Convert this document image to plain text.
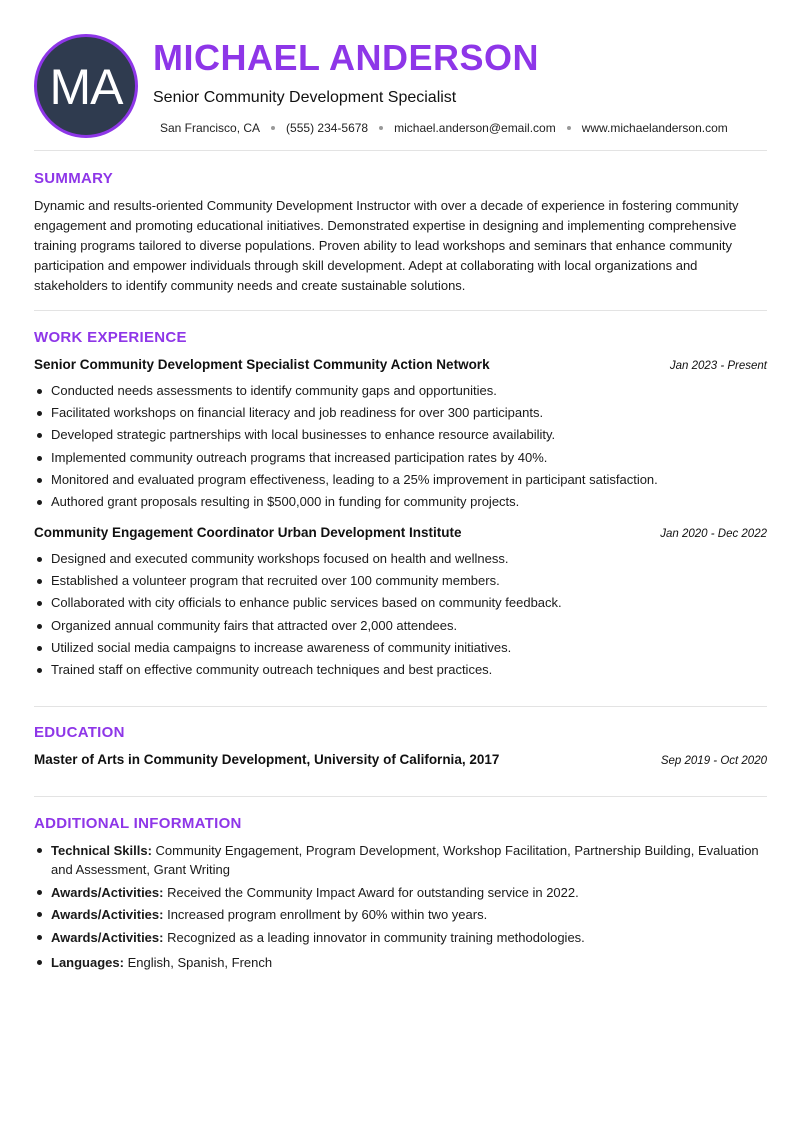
MA
MICHAEL ANDERSON
Senior Community Development Specialist
San Francisco, CA (555) 234-5678 michael.anderson@email.com www.michaelanderson.com
SUMMARY

Dynamic and results-oriented Community Development Instructor with over a decade of experience in fostering community engagement and promoting educational initiatives. Demonstrated expertise in designing and implementing comprehensive training programs tailored to diverse populations. Proven ability to lead workshops and seminars that enhance community participation and empower individuals through skill development. Adept at collaborating with local organizations and stakeholders to identify community needs and create sustainable solutions.

WORK EXPERIENCE
Senior Community Development Specialist Community Action Network	Jan 2023 - Present
Conducted needs assessments to identify community gaps and opportunities.
Facilitated workshops on financial literacy and job readiness for over 300 participants.
Developed strategic partnerships with local businesses to enhance resource availability.
Implemented community outreach programs that increased participation rates by 40%.
Monitored and evaluated program effectiveness, leading to a 25% improvement in participant satisfaction.
Authored grant proposals resulting in $500,000 in funding for community projects.
Community Engagement Coordinator Urban Development Institute	Jan 2020 - Dec 2022
Designed and executed community workshops focused on health and wellness.
Established a volunteer program that recruited over 100 community members.
Collaborated with city officials to enhance public services based on community feedback.
Organized annual community fairs that attracted over 2,000 attendees.
Utilized social media campaigns to increase awareness of community initiatives.
Trained staff on effective community outreach techniques and best practices.
EDUCATION
Master of Arts in Community Development, University of California, 2017	Sep 2019 - Oct 2020
ADDITIONAL INFORMATION
Technical Skills: Community Engagement, Program Development, Workshop Facilitation, Partnership Building, Evaluation and Assessment, Grant Writing
Awards/Activities: Received the Community Impact Award for outstanding service in 2022.
Awards/Activities: Increased program enrollment by 60% within two years.
Awards/Activities: Recognized as a leading innovator in community training methodologies.
Languages: English, Spanish, French
